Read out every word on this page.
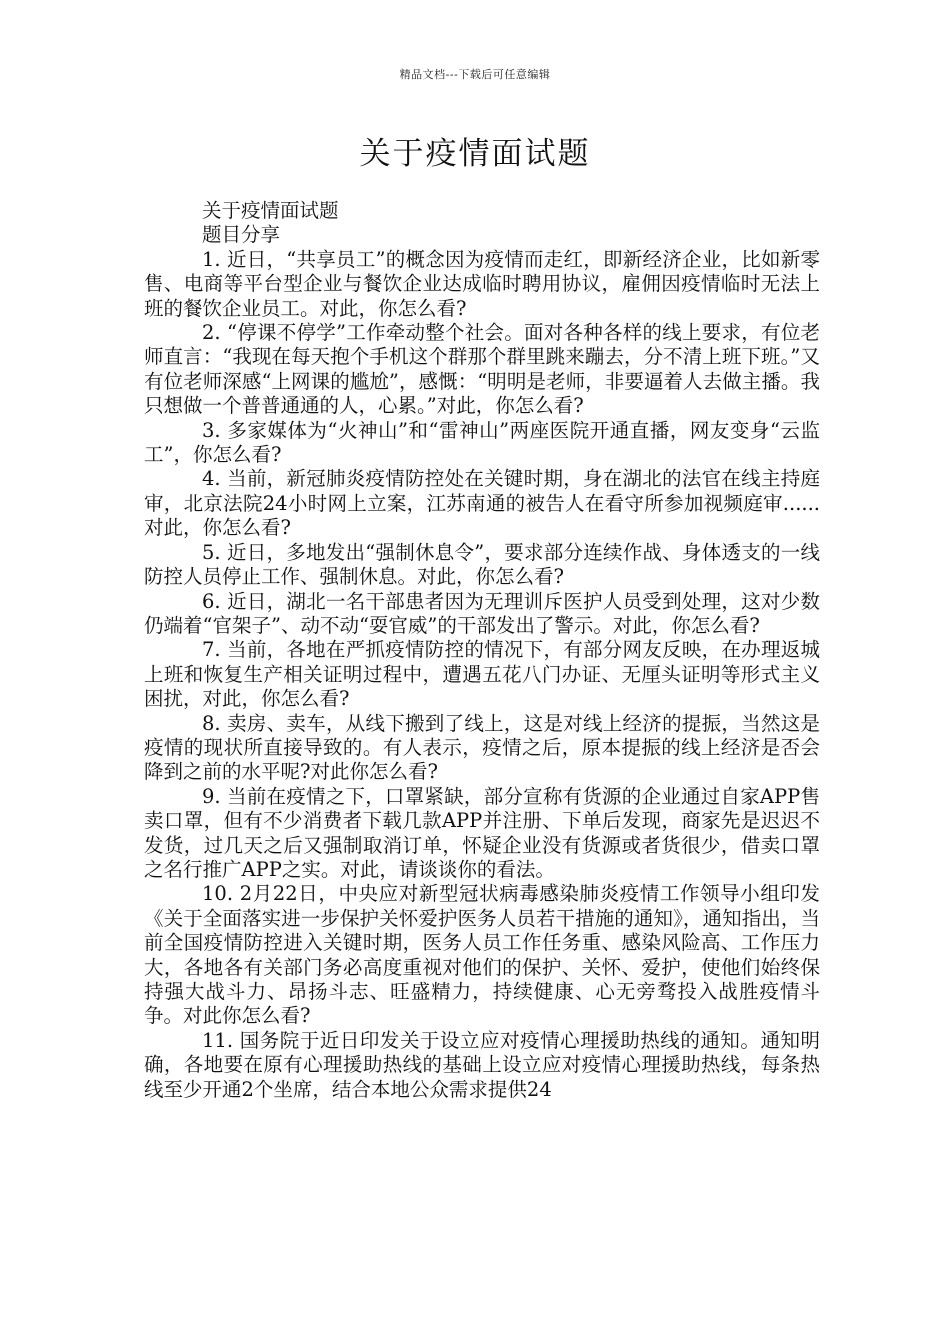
精品文档---下载后可任意编辑
关于疫情面试题

关于疫情面试题

题目分享

1. 近日，“共享员工”的概念因为疫情而走红，即新经济企业，比如新零售、电商等平台型企业与餐饮企业达成临时聘用协议，雇佣因疫情临时无法上班的餐饮企业员工。对此，你怎么看?

2. “停课不停学”工作牵动整个社会。面对各种各样的线上要求，有位老师直言：“我现在每天抱个手机这个群那个群里跳来蹦去，分不清上班下班。”又有位老师深感“上网课的尴尬”，感慨：“明明是老师，非要逼着人去做主播。我只想做一个普普通通的人，心累。”对此，你怎么看?

3. 多家媒体为“火神山”和“雷神山”两座医院开通直播，网友变身“云监工”，你怎么看?

4. 当前，新冠肺炎疫情防控处在关键时期，身在湖北的法官在线主持庭审，北京法院24小时网上立案，江苏南通的被告人在看守所参加视频庭审......对此，你怎么看?

5. 近日，多地发出“强制休息令”，要求部分连续作战、身体透支的一线防控人员停止工作、强制休息。对此，你怎么看?

6. 近日，湖北一名干部患者因为无理训斥医护人员受到处理，这对少数仍端着“官架子”、动不动“耍官威”的干部发出了警示。对此，你怎么看?

7. 当前，各地在严抓疫情防控的情况下，有部分网友反映，在办理返城上班和恢复生产相关证明过程中，遭遇五花八门办证、无厘头证明等形式主义困扰，对此，你怎么看?

8. 卖房、卖车，从线下搬到了线上，这是对线上经济的提振，当然这是疫情的现状所直接导致的。有人表示，疫情之后，原本提振的线上经济是否会降到之前的水平呢?对此你怎么看?

9. 当前在疫情之下，口罩紧缺，部分宣称有货源的企业通过自家APP售卖口罩，但有不少消费者下载几款APP并注册、下单后发现，商家先是迟迟不发货，过几天之后又强制取消订单，怀疑企业没有货源或者货很少，借卖口罩之名行推广APP之实。对此，请谈谈你的看法。

10. 2月22日，中央应对新型冠状病毒感染肺炎疫情工作领导小组印发《关于全面落实进一步保护关怀爱护医务人员若干措施的通知》，通知指出，当前全国疫情防控进入关键时期，医务人员工作任务重、感染风险高、工作压力大，各地各有关部门务必高度重视对他们的保护、关怀、爱护，使他们始终保持强大战斗力、昂扬斗志、旺盛精力，持续健康、心无旁骛投入战胜疫情斗争。对此你怎么看?

11. 国务院于近日印发关于设立应对疫情心理援助热线的通知。通知明确，各地要在原有心理援助热线的基础上设立应对疫情心理援助热线，每条热线至少开通2个坐席，结合本地公众需求提供24
